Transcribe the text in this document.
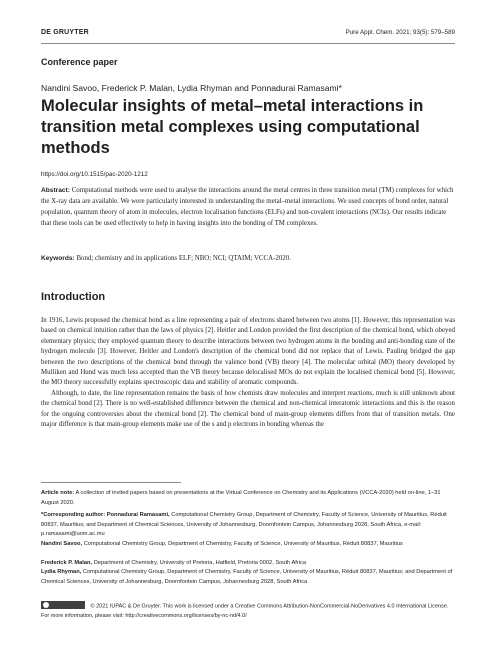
DE GRUYTER	Pure Appl. Chem. 2021; 93(5): 579–589
Conference paper
Nandini Savoo, Frederick P. Malan, Lydia Rhyman and Ponnadurai Ramasami*
Molecular insights of metal–metal interactions in transition metal complexes using computational methods
https://doi.org/10.1515/pac-2020-1212
Abstract: Computational methods were used to analyse the interactions around the metal centres in three transition metal (TM) complexes for which the X-ray data are available. We were particularly interested in understanding the metal–metal interactions. We used concepts of bond order, natural population, quantum theory of atom in molecules, electron localisation functions (ELFs) and non-covalent interactions (NCIs). Our results indicate that these tools can be used effectively to help in having insights into the bonding of TM complexes.
Keywords: Bond; chemistry and its applications ELF; NBO; NCI; QTAIM; VCCA-2020.
Introduction

In 1916, Lewis proposed the chemical bond as a line representing a pair of electrons shared between two atoms [1]. However, this representation was based on chemical intuition rather than the laws of physics [2]. Heitler and London provided the first description of the chemical bond, which obeyed elementary physics; they employed quantum theory to describe interactions between two hydrogen atoms in the bonding and anti-bonding state of the hydrogen molecule [3]. However, Heitler and London's description of the chemical bond did not replace that of Lewis. Pauling bridged the gap between the two descriptions of the chemical bond through the valence bond (VB) theory [4]. The molecular orbital (MO) theory developed by Mulliken and Hund was much less accepted than the VB theory because delocalised MOs do not explain the localised chemical bond [5]. However, the MO theory successfully explains spectroscopic data and stability of aromatic compounds.

Although, to date, the line representation remains the basis of how chemists draw molecules and interpret reactions, much is still unknown about the chemical bond [2]. There is no well-established difference between the chemical and non-chemical interatomic interactions and this is the reason for the ongoing controversies about the chemical bond [2]. The chemical bond of main-group elements differs from that of transition metals. One major difference is that main-group elements make use of the s and p electrons in bonding whereas the

Article note: A collection of invited papers based on presentations at the Virtual Conference on Chemistry and its Applications (VCCA-2020) held on-line, 1–31 August 2020.
*Corresponding author: Ponnadurai Ramasami, Computational Chemistry Group, Department of Chemistry, Faculty of Science, University of Mauritius, Réduit 80837, Mauritius; and Department of Chemical Sciences, University of Johannesburg, Doornfontein Campus, Johannesburg 2028, South Africa, e-mail: p.ramasami@uom.ac.mu
Nandini Savoo, Computational Chemistry Group, Department of Chemistry, Faculty of Science, University of Mauritius, Réduit 80837, Mauritius
Frederick P. Malan, Department of Chemistry, University of Pretoria, Hatfield, Pretoria 0002, South Africa
Lydia Rhyman, Computational Chemistry Group, Department of Chemistry, Faculty of Science, University of Mauritius, Réduit 80837, Mauritius; and Department of Chemical Sciences, University of Johannesburg, Doornfontein Campus, Johannesburg 2028, South Africa
© 2021 IUPAC & De Gruyter. This work is licensed under a Creative Commons Attribution-NonCommercial-NoDerivatives 4.0 International License. For more information, please visit: http://creativecommons.org/licenses/by-nc-nd/4.0/
